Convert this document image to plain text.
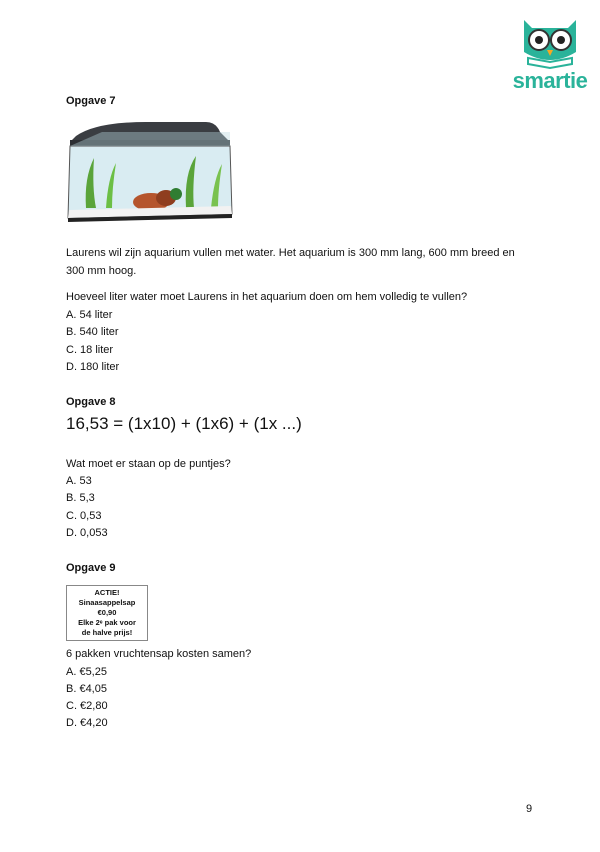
smartie
Opgave 7
Laurens wil zijn aquarium vullen met water. Het aquarium is 300 mm lang, 600 mm breed en
300 mm hoog.
Hoeveel liter water moet Laurens in het aquarium doen om hem volledig te vullen?
A. 54 liter
B. 540 liter
C. 18 liter
D. 180 liter
Opgave 8
16,53 = (1x10) + (1x6) + (1x ...)
Wat moet er staan op de puntjes?
A. 53
B. 5,3
C. 0,53
D. 0,053
Opgave 9
ACTIE!
Sinaasappelsap
€0,90
Elke 2ᵉ pak voor
de halve prijs!
6 pakken vruchtensap kosten samen?
A. €5,25
B. €4,05
C. €2,80
D. €4,20
9
